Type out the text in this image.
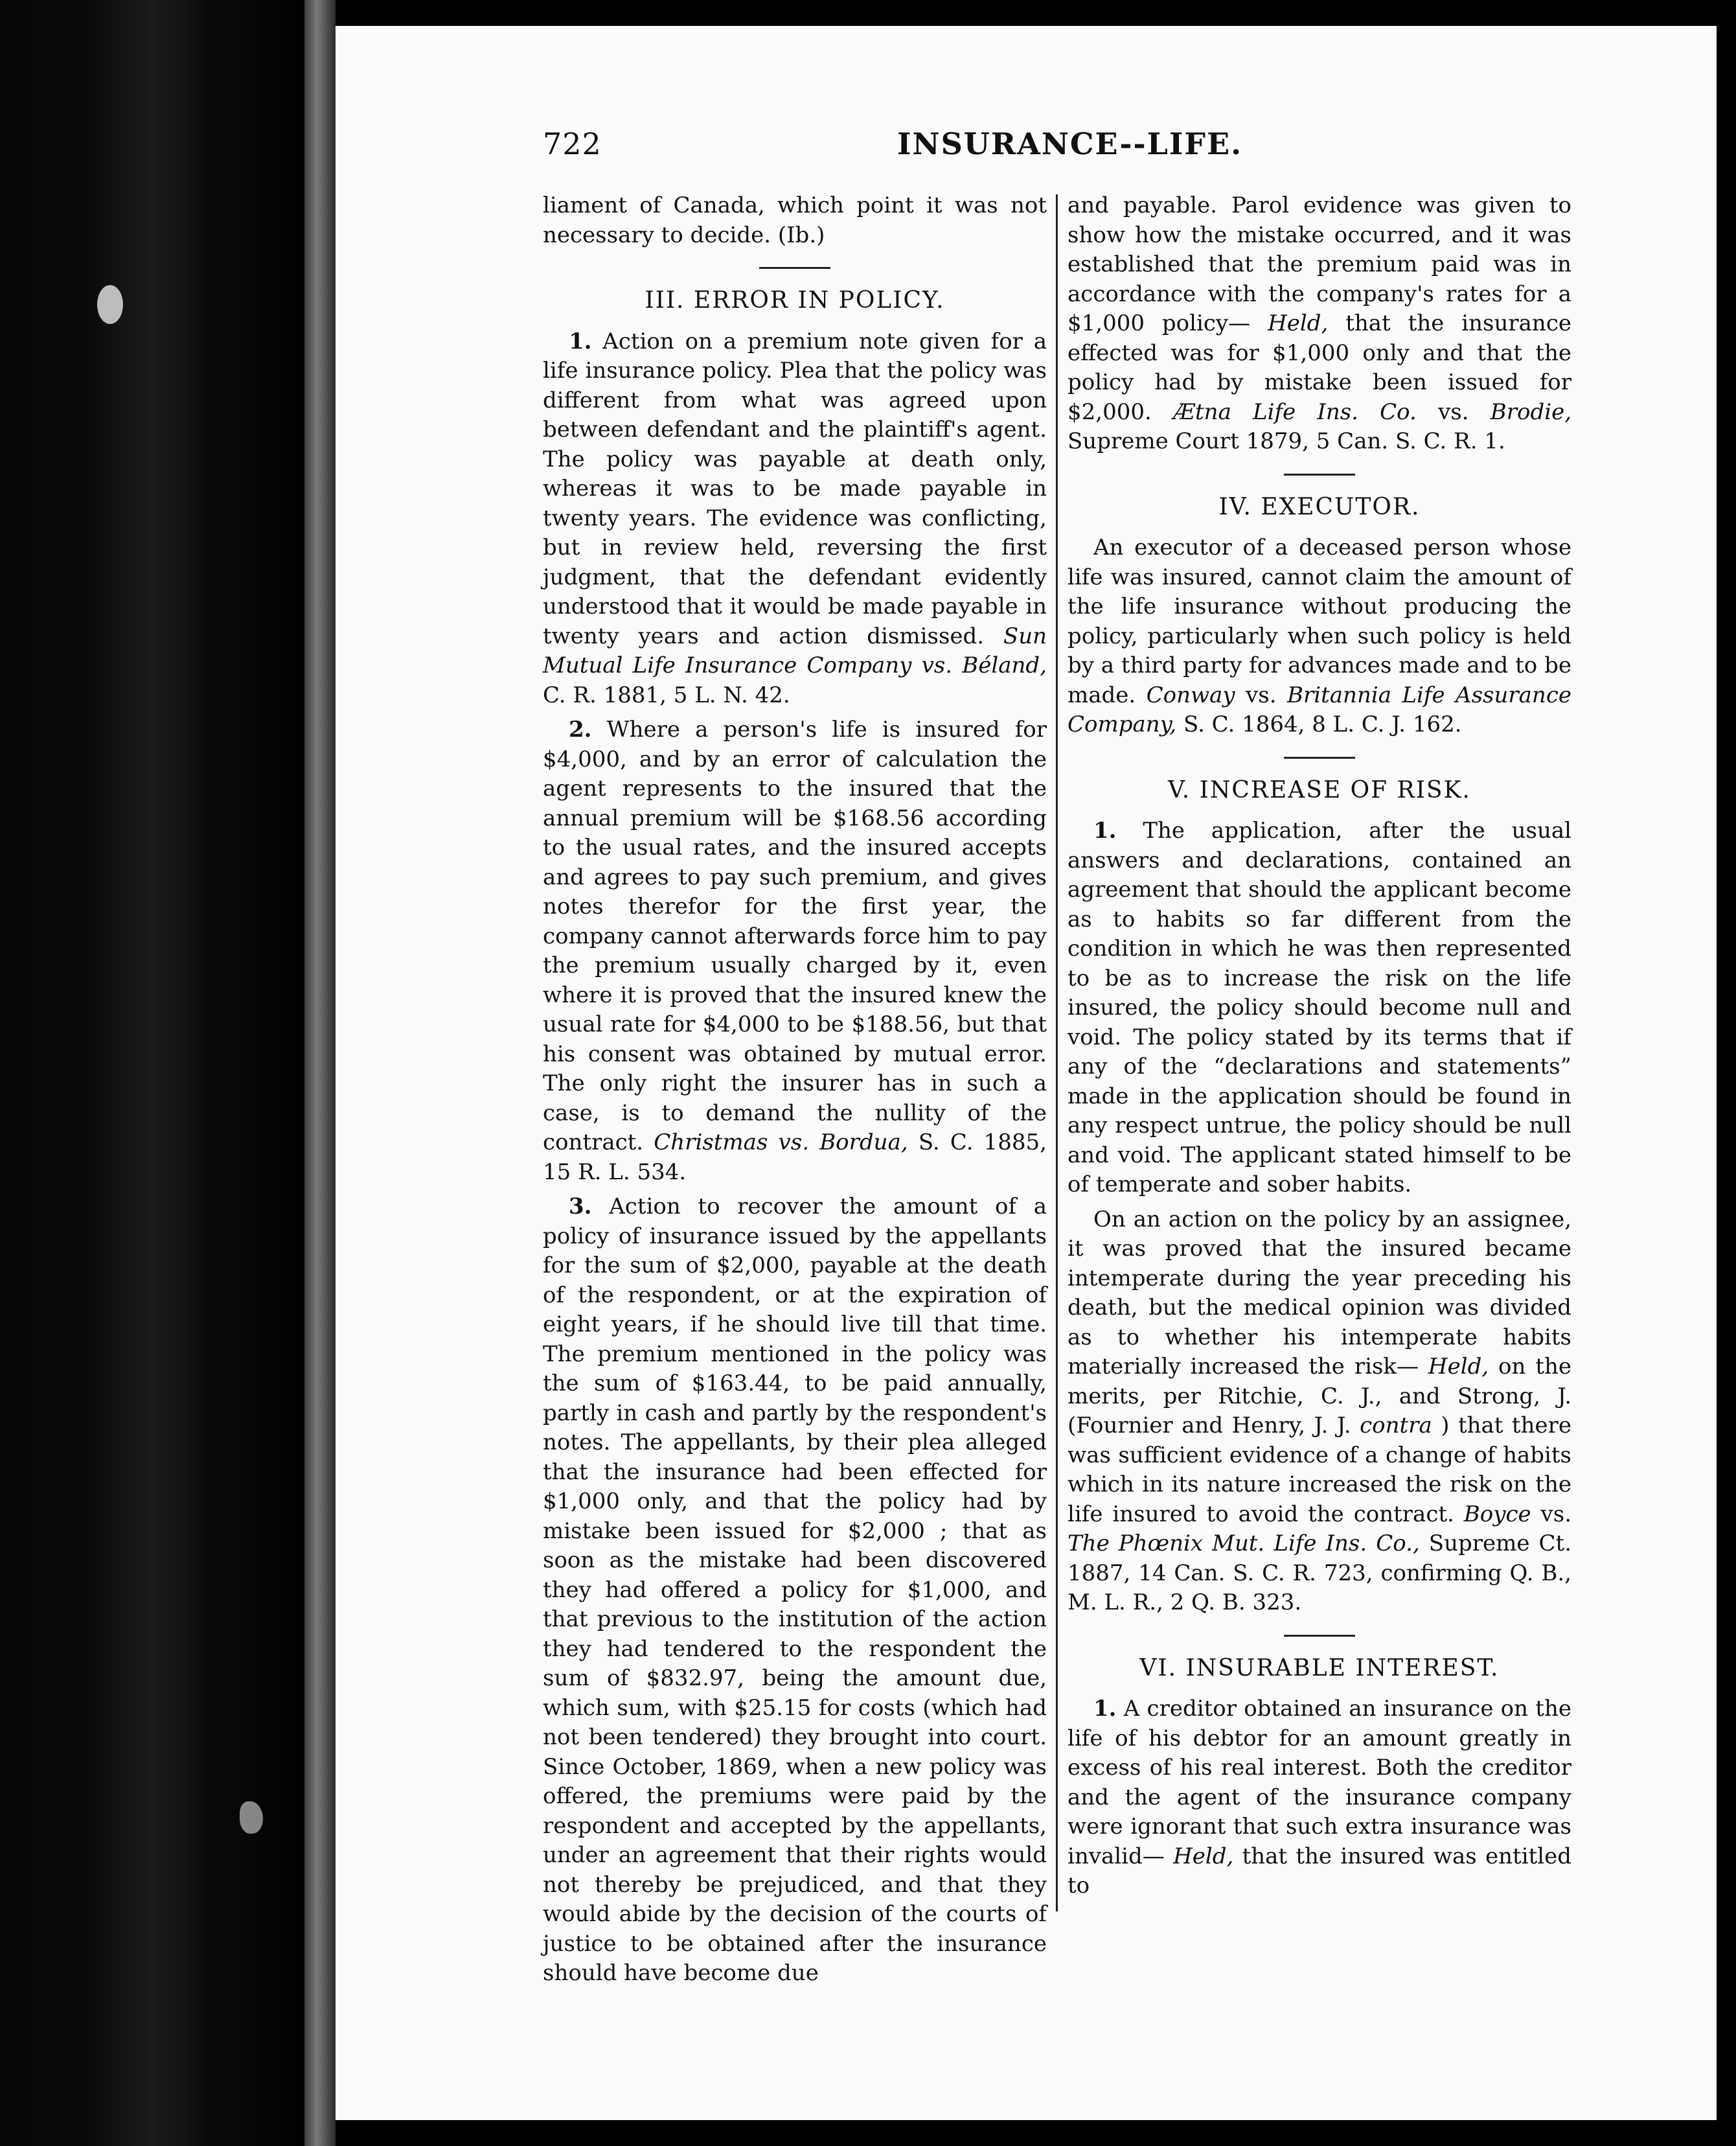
722	INSURANCE--LIFE.

liament of Canada, which point it was not necessary to decide. (Ib.)

III. ERROR IN POLICY.

1. Action on a premium note given for a life insurance policy. Plea that the policy was different from what was agreed upon between defendant and the plaintiff's agent. The policy was payable at death only, whereas it was to be made payable in twenty years. The evidence was conflicting, but in review held, reversing the first judgment, that the defendant evidently understood that it would be made payable in twenty years and action dismissed. Sun Mutual Life Insurance Company vs. Béland, C. R. 1881, 5 L. N. 42.

2. Where a person's life is insured for $4,000, and by an error of calculation the agent represents to the insured that the annual premium will be $168.56 according to the usual rates, and the insured accepts and agrees to pay such premium, and gives notes therefor for the first year, the company cannot afterwards force him to pay the premium usually charged by it, even where it is proved that the insured knew the usual rate for $4,000 to be $188.56, but that his consent was obtained by mutual error. The only right the insurer has in such a case, is to demand the nullity of the contract. Christmas vs. Bordua, S. C. 1885, 15 R. L. 534.

3. Action to recover the amount of a policy of insurance issued by the appellants for the sum of $2,000, payable at the death of the respondent, or at the expiration of eight years, if he should live till that time. The premium mentioned in the policy was the sum of $163.44, to be paid annually, partly in cash and partly by the respondent's notes. The appellants, by their plea alleged that the insurance had been effected for $1,000 only, and that the policy had by mistake been issued for $2,000 ; that as soon as the mistake had been discovered they had offered a policy for $1,000, and that previous to the institution of the action they had tendered to the respondent the sum of $832.97, being the amount due, which sum, with $25.15 for costs (which had not been tendered) they brought into court. Since October, 1869, when a new policy was offered, the premiums were paid by the respondent and accepted by the appellants, under an agreement that their rights would not thereby be prejudiced, and that they would abide by the decision of the courts of justice to be obtained after the insurance should have become due

and payable. Parol evidence was given to show how the mistake occurred, and it was established that the premium paid was in accordance with the company's rates for a $1,000 policy— Held, that the insurance effected was for $1,000 only and that the policy had by mistake been issued for $2,000. Ætna Life Ins. Co. vs. Brodie, Supreme Court 1879, 5 Can. S. C. R. 1.

IV. EXECUTOR.

An executor of a deceased person whose life was insured, cannot claim the amount of the life insurance without producing the policy, particularly when such policy is held by a third party for advances made and to be made. Conway vs. Britannia Life Assurance Company, S. C. 1864, 8 L. C. J. 162.

V. INCREASE OF RISK.

1. The application, after the usual answers and declarations, contained an agreement that should the applicant become as to habits so far different from the condition in which he was then represented to be as to increase the risk on the life insured, the policy should become null and void. The policy stated by its terms that if any of the “declarations and statements” made in the application should be found in any respect untrue, the policy should be null and void. The applicant stated himself to be of temperate and sober habits.

On an action on the policy by an assignee, it was proved that the insured became intemperate during the year preceding his death, but the medical opinion was divided as to whether his intemperate habits materially increased the risk— Held, on the merits, per Ritchie, C. J., and Strong, J. (Fournier and Henry, J. J. contra ) that there was sufficient evidence of a change of habits which in its nature increased the risk on the life insured to avoid the contract. Boyce vs. The Phœnix Mut. Life Ins. Co., Supreme Ct. 1887, 14 Can. S. C. R. 723, confirming Q. B., M. L. R., 2 Q. B. 323.

VI. INSURABLE INTEREST.

1. A creditor obtained an insurance on the life of his debtor for an amount greatly in excess of his real interest. Both the creditor and the agent of the insurance company were ignorant that such extra insurance was invalid— Held, that the insured was entitled to
